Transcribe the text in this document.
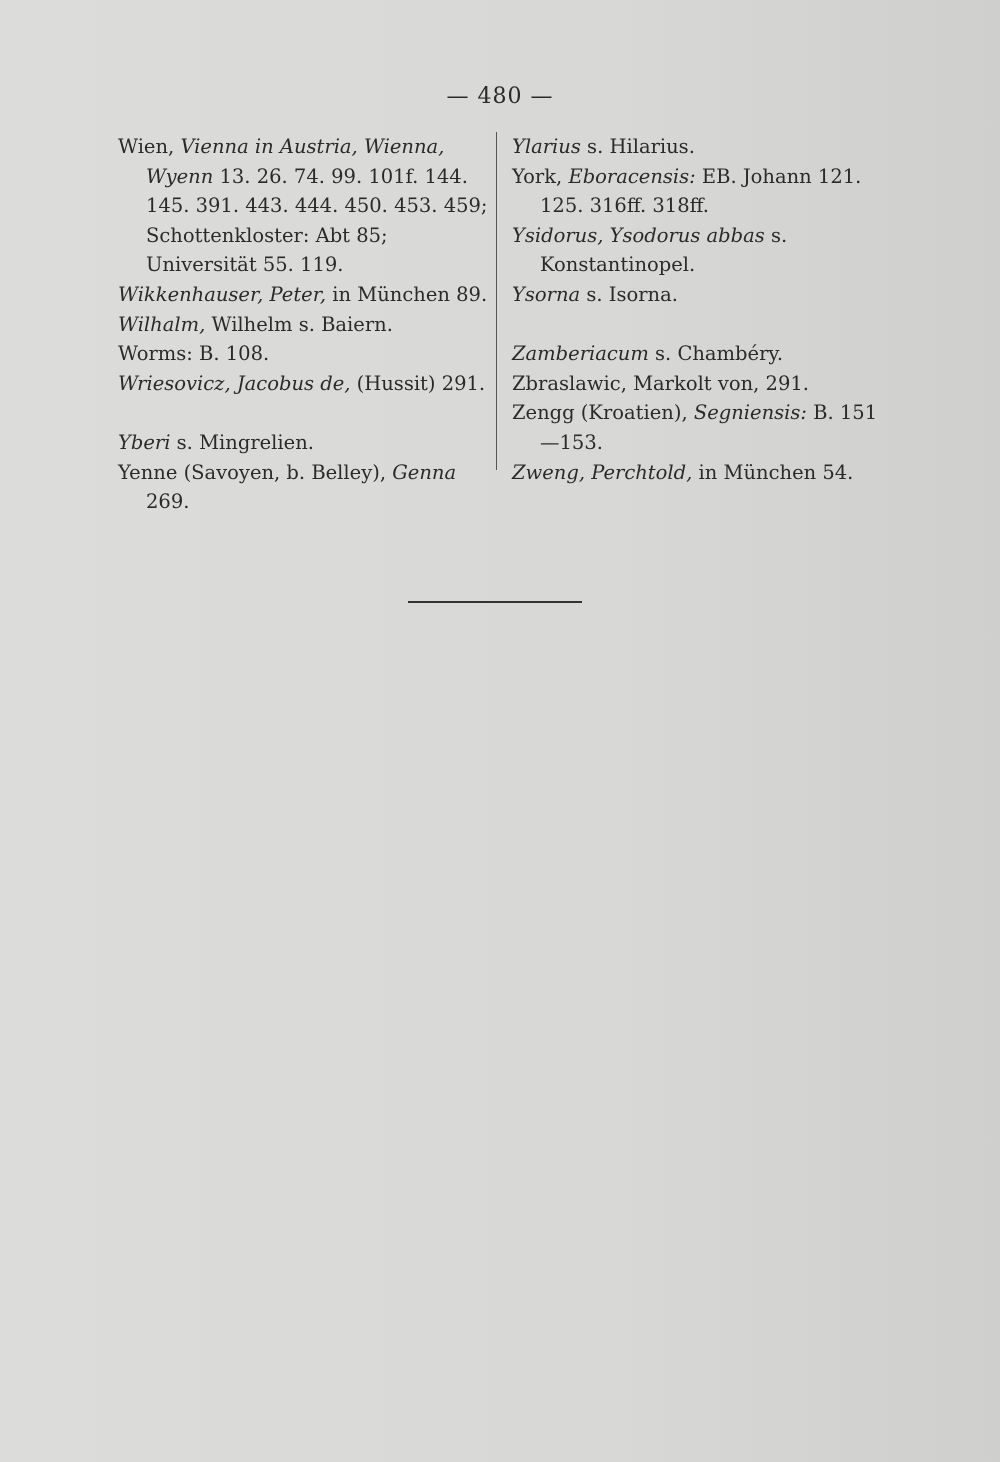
— 480 —
Wien, Vienna in Austria, Wienna, Wyenn 13. 26. 74. 99. 101f. 144. 145. 391. 443. 444. 450. 453. 459; Schottenkloster: Abt 85; Universität 55. 119.
Wikkenhauser, Peter, in München 89.
Wilhalm, Wilhelm s. Baiern.
Worms: B. 108.
Wriesovicz, Jacobus de, (Hussit) 291.
Yberi s. Mingrelien.
Yenne (Savoyen, b. Belley), Genna 269.
Ylarius s. Hilarius.
York, Eboracensis: EB. Johann 121. 125. 316ff. 318ff.
Ysidorus, Ysodorus abbas s. Konstantinopel.
Ysorna s. Isorna.
Zamberiacum s. Chambéry.
Zbraslawic, Markolt von, 291.
Zengg (Kroatien), Segniensis: B. 151—153.
Zweng, Perchtold, in München 54.
